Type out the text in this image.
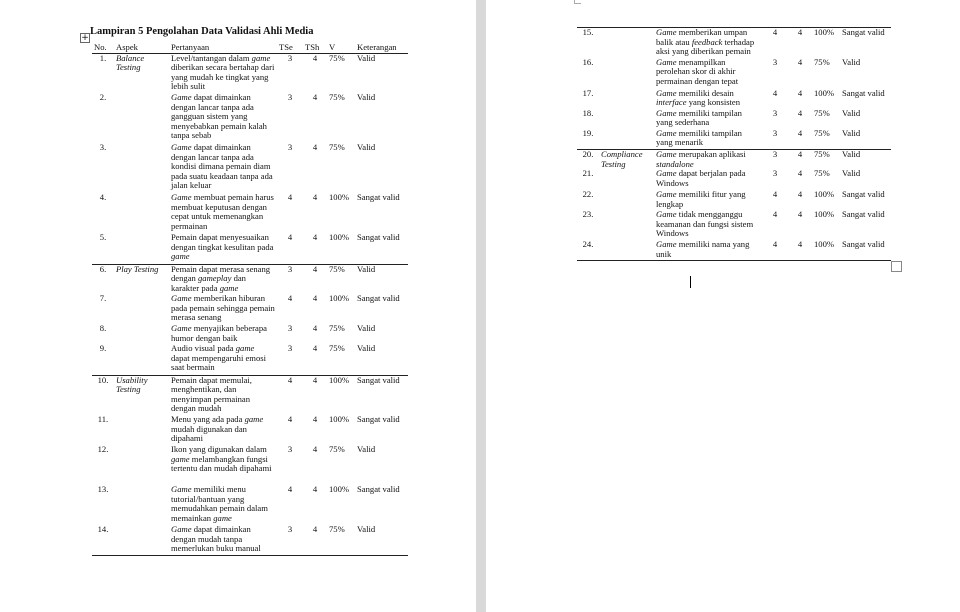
+
Lampiran 5 Pengolahan Data Validasi Ahli Media
No.	Aspek	Pertanyaan	TSe	TSh	V	Keterangan
1.	Balance Testing	Level/tantangan dalam game diberikan secara bertahap dari yang mudah ke tingkat yang lebih sulit	3	4	75%	Valid
2.		Game dapat dimainkan dengan lancar tanpa ada gangguan sistem yang menyebabkan pemain kalah tanpa sebab	3	4	75%	Valid
3.		Game dapat dimainkan dengan lancar tanpa ada kondisi dimana pemain diam pada suatu keadaan tanpa ada jalan keluar	3	4	75%	Valid
4.		Game membuat pemain harus membuat keputusan dengan cepat untuk memenangkan permainan	4	4	100%	Sangat valid
5.		Pemain dapat menyesuaikan dengan tingkat kesulitan pada game	4	4	100%	Sangat valid
6.	Play Testing	Pemain dapat merasa senang dengan gameplay dan karakter pada game	3	4	75%	Valid
7.		Game memberikan hiburan pada pemain sehingga pemain merasa senang	4	4	100%	Sangat valid
8.		Game menyajikan beberapa humor dengan baik	3	4	75%	Valid
9.		Audio visual pada game dapat mempengaruhi emosi saat bermain	3	4	75%	Valid
10.	Usability Testing	Pemain dapat memulai, menghentikan, dan menyimpan permainan dengan mudah	4	4	100%	Sangat valid
11.		Menu yang ada pada game mudah digunakan dan dipahami	4	4	100%	Sangat valid
12.		Ikon yang digunakan dalam game melambangkan fungsi tertentu dan mudah dipahami	3	4	75%	Valid
13.		Game memiliki menu tutorial/bantuan yang memudahkan pemain dalam memainkan game	4	4	100%	Sangat valid
14.		Game dapat dimainkan dengan mudah tanpa memerlukan buku manual	3	4	75%	Valid
15.		Game memberikan umpan balik atau feedback terhadap aksi yang diberikan pemain	4	4	100%	Sangat valid
16.		Game menampilkan perolehan skor di akhir permainan dengan tepat	3	4	75%	Valid
17.		Game memiliki desain interface yang konsisten	4	4	100%	Sangat valid
18.		Game memiliki tampilan yang sederhana	3	4	75%	Valid
19.		Game memiliki tampilan yang menarik	3	4	75%	Valid
20.	Compliance Testing	Game merupakan aplikasi standalone	3	4	75%	Valid
21.		Game dapat berjalan pada Windows	3	4	75%	Valid
22.		Game memiliki fitur yang lengkap	4	4	100%	Sangat valid
23.		Game tidak mengganggu keamanan dan fungsi sistem Windows	4	4	100%	Sangat valid
24.		Game memiliki nama yang unik	4	4	100%	Sangat valid
